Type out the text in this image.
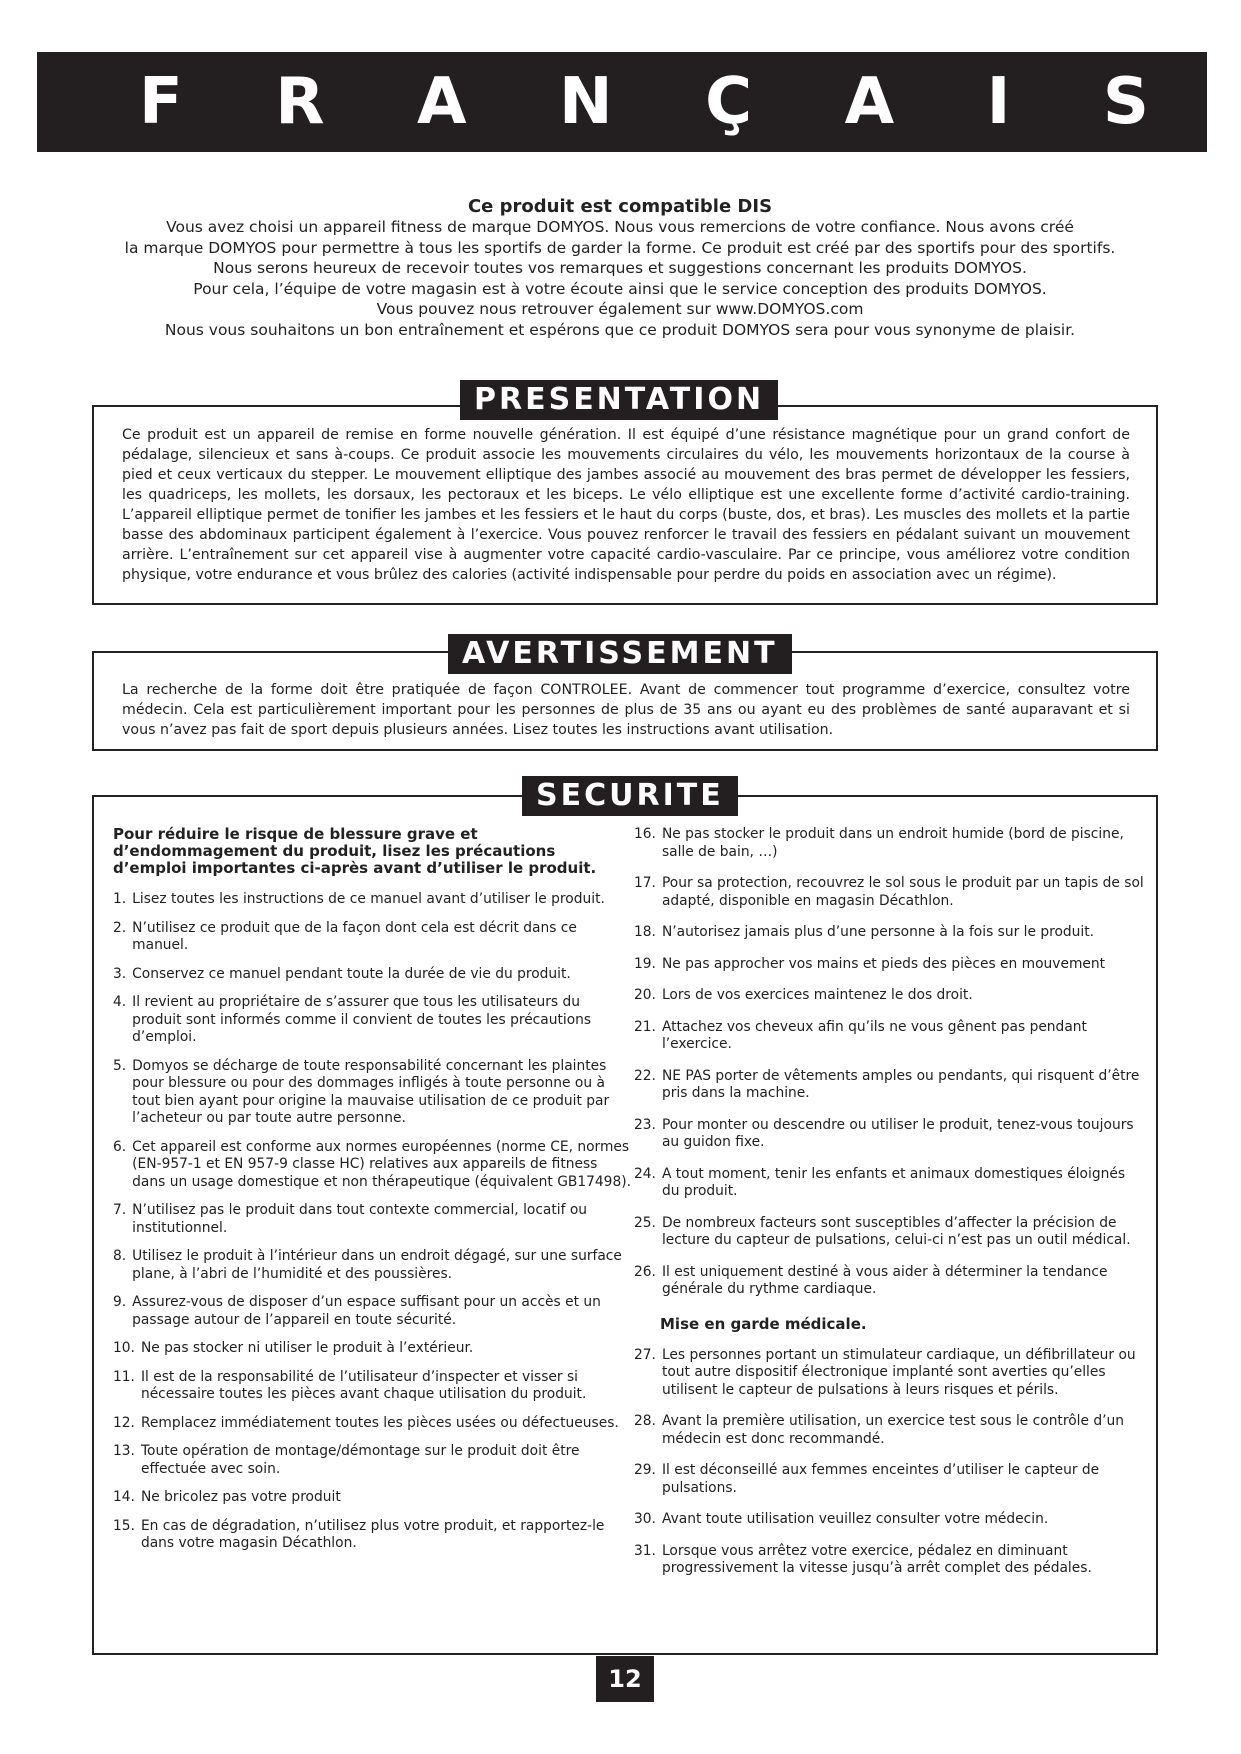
F R A N Ç A I S
Ce produit est compatible DIS
Vous avez choisi un appareil fitness de marque DOMYOS. Nous vous remercions de votre confiance. Nous avons créé
la marque DOMYOS pour permettre à tous les sportifs de garder la forme. Ce produit est créé par des sportifs pour des sportifs.
Nous serons heureux de recevoir toutes vos remarques et suggestions concernant les produits DOMYOS.
Pour cela, l’équipe de votre magasin est à votre écoute ainsi que le service conception des produits DOMYOS.
Vous pouvez nous retrouver également sur www.DOMYOS.com
Nous vous souhaitons un bon entraînement et espérons que ce produit DOMYOS sera pour vous synonyme de plaisir.
PRESENTATION

Ce produit est un appareil de remise en forme nouvelle génération. Il est équipé d’une résistance magnétique pour un grand confort de pédalage, silencieux et sans à-coups. Ce produit associe les mouvements circulaires du vélo, les mouvements horizontaux de la course à pied et ceux verticaux du stepper. Le mouvement elliptique des jambes associé au mouvement des bras permet de développer les fessiers, les quadriceps, les mollets, les dorsaux, les pectoraux et les biceps. Le vélo elliptique est une excellente forme d’activité cardio-training. L’appareil elliptique permet de tonifier les jambes et les fessiers et le haut du corps (buste, dos, et bras). Les muscles des mollets et la partie basse des abdominaux participent également à l’exercice. Vous pouvez renforcer le travail des fessiers en pédalant suivant un mouvement arrière. L’entraînement sur cet appareil vise à augmenter votre capacité cardio-vasculaire. Par ce principe, vous améliorez votre condition physique, votre endurance et vous brûlez des calories (activité indispensable pour perdre du poids en association avec un régime).

AVERTISSEMENT

La recherche de la forme doit être pratiquée de façon CONTROLEE. Avant de commencer tout programme d’exercice, consultez votre médecin. Cela est particulièrement important pour les personnes de plus de 35 ans ou ayant eu des problèmes de santé auparavant et si vous n’avez pas fait de sport depuis plusieurs années. Lisez toutes les instructions avant utilisation.

SECURITE

Pour réduire le risque de blessure grave et d’endommagement du produit, lisez les précautions d’emploi importantes ci-après avant d’utiliser le produit.

1. Lisez toutes les instructions de ce manuel avant d’utiliser le produit.
2. N’utilisez ce produit que de la façon dont cela est décrit dans ce manuel.
3. Conservez ce manuel pendant toute la durée de vie du produit.
4. Il revient au propriétaire de s’assurer que tous les utilisateurs du produit sont informés comme il convient de toutes les précautions d’emploi.
5. Domyos se décharge de toute responsabilité concernant les plaintes pour blessure ou pour des dommages infligés à toute personne ou à tout bien ayant pour origine la mauvaise utilisation de ce produit par l’acheteur ou par toute autre personne.
6. Cet appareil est conforme aux normes européennes (norme CE, normes (EN-957-1 et EN 957-9 classe HC) relatives aux appareils de fitness dans un usage domestique et non thérapeutique (équivalent GB17498).
7. N’utilisez pas le produit dans tout contexte commercial, locatif ou institutionnel.
8. Utilisez le produit à l’intérieur dans un endroit dégagé, sur une surface plane, à l’abri de l’humidité et des poussières.
9. Assurez-vous de disposer d’un espace suffisant pour un accès et un passage autour de l’appareil en toute sécurité.
10. Ne pas stocker ni utiliser le produit à l’extérieur.
11. Il est de la responsabilité de l’utilisateur d’inspecter et visser si nécessaire toutes les pièces avant chaque utilisation du produit.
12. Remplacez immédiatement toutes les pièces usées ou défectueuses.
13. Toute opération de montage/démontage sur le produit doit être effectuée avec soin.
14. Ne bricolez pas votre produit
15. En cas de dégradation, n’utilisez plus votre produit, et rapportez-le dans votre magasin Décathlon.
16. Ne pas stocker le produit dans un endroit humide (bord de piscine, salle de bain, …)
17. Pour sa protection, recouvrez le sol sous le produit par un tapis de sol adapté, disponible en magasin Décathlon.
18. N’autorisez jamais plus d’une personne à la fois sur le produit.
19. Ne pas approcher vos mains et pieds des pièces en mouvement
20. Lors de vos exercices maintenez le dos droit.
21. Attachez vos cheveux afin qu’ils ne vous gênent pas pendant l’exercice.
22. NE PAS porter de vêtements amples ou pendants, qui risquent d’être pris dans la machine.
23. Pour monter ou descendre ou utiliser le produit, tenez-vous toujours au guidon fixe.
24. A tout moment, tenir les enfants et animaux domestiques éloignés du produit.
25. De nombreux facteurs sont susceptibles d’affecter la précision de lecture du capteur de pulsations, celui-ci n’est pas un outil médical.
26. Il est uniquement destiné à vous aider à déterminer la tendance générale du rythme cardiaque.
Mise en garde médicale.
27. Les personnes portant un stimulateur cardiaque, un défibrillateur ou tout autre dispositif électronique implanté sont averties qu’elles utilisent le capteur de pulsations à leurs risques et périls.
28. Avant la première utilisation, un exercice test sous le contrôle d’un médecin est donc recommandé.
29. Il est déconseillé aux femmes enceintes d’utiliser le capteur de pulsations.
30. Avant toute utilisation veuillez consulter votre médecin.
31. Lorsque vous arrêtez votre exercice, pédalez en diminuant progressivement la vitesse jusqu’à arrêt complet des pédales.
12
